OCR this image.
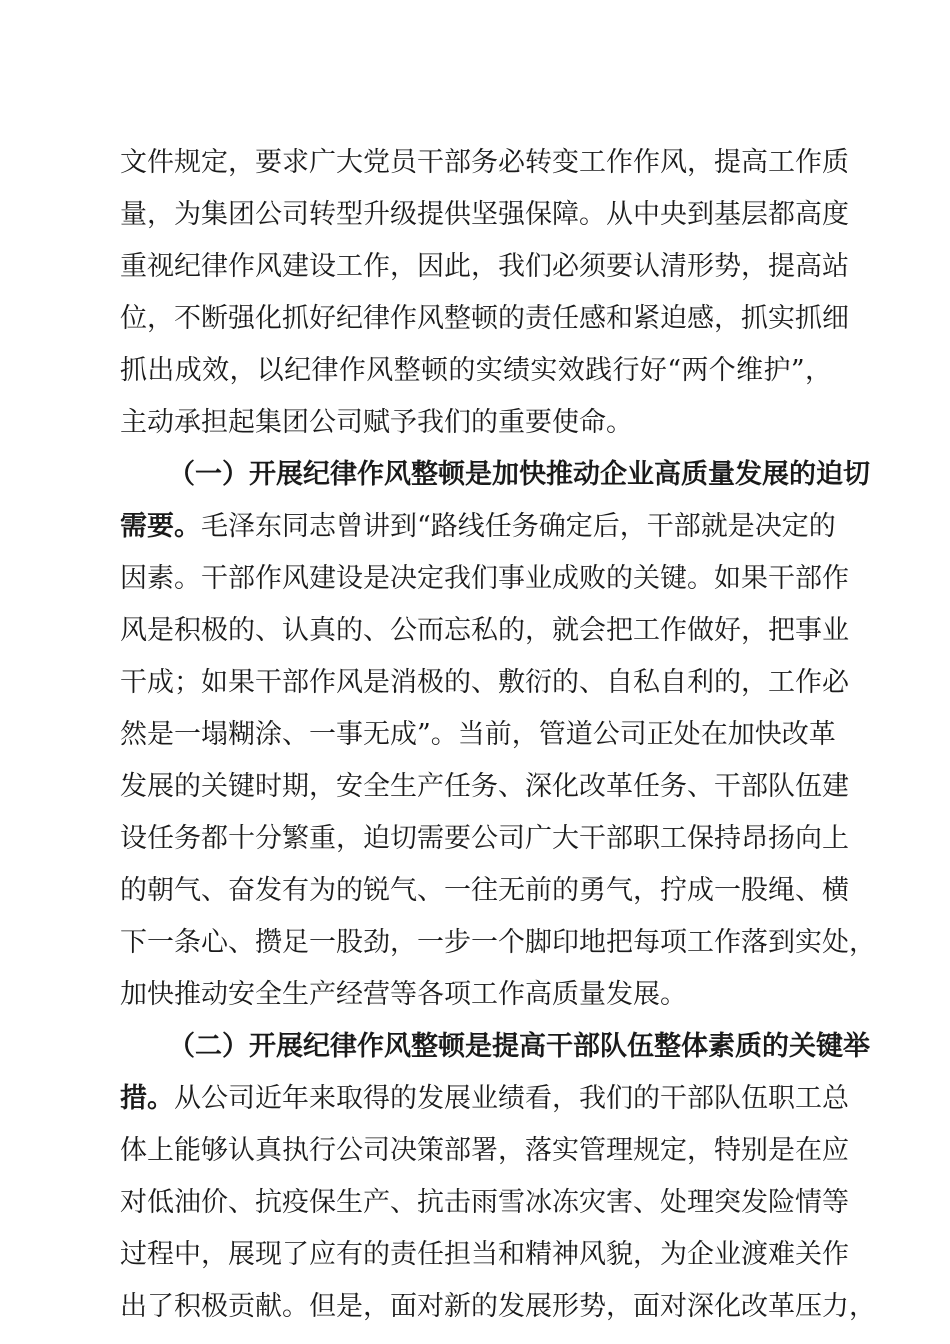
文件规定，要求广大党员干部务必转变工作作风，提高工作质
量，为集团公司转型升级提供坚强保障。从中央到基层都高度
重视纪律作风建设工作，因此，我们必须要认清形势，提高站
位，不断强化抓好纪律作风整顿的责任感和紧迫感，抓实抓细
抓出成效，以纪律作风整顿的实绩实效践行好“两个维护”，
主动承担起集团公司赋予我们的重要使命。
（一）开展纪律作风整顿是加快推动企业高质量发展的迫切
需要。毛泽东同志曾讲到“路线任务确定后，干部就是决定的
因素。干部作风建设是决定我们事业成败的关键。如果干部作
风是积极的、认真的、公而忘私的，就会把工作做好，把事业
干成；如果干部作风是消极的、敷衍的、自私自利的，工作必
然是一塌糊涂、一事无成”。当前，管道公司正处在加快改革
发展的关键时期，安全生产任务、深化改革任务、干部队伍建
设任务都十分繁重，迫切需要公司广大干部职工保持昂扬向上
的朝气、奋发有为的锐气、一往无前的勇气，拧成一股绳、横
下一条心、攒足一股劲，一步一个脚印地把每项工作落到实处，
加快推动安全生产经营等各项工作高质量发展。
（二）开展纪律作风整顿是提高干部队伍整体素质的关键举
措。从公司近年来取得的发展业绩看，我们的干部队伍职工总
体上能够认真执行公司决策部署，落实管理规定，特别是在应
对低油价、抗疫保生产、抗击雨雪冰冻灾害、处理突发险情等
过程中，展现了应有的责任担当和精神风貌，为企业渡难关作
出了积极贡献。但是，面对新的发展形势，面对深化改革压力，
